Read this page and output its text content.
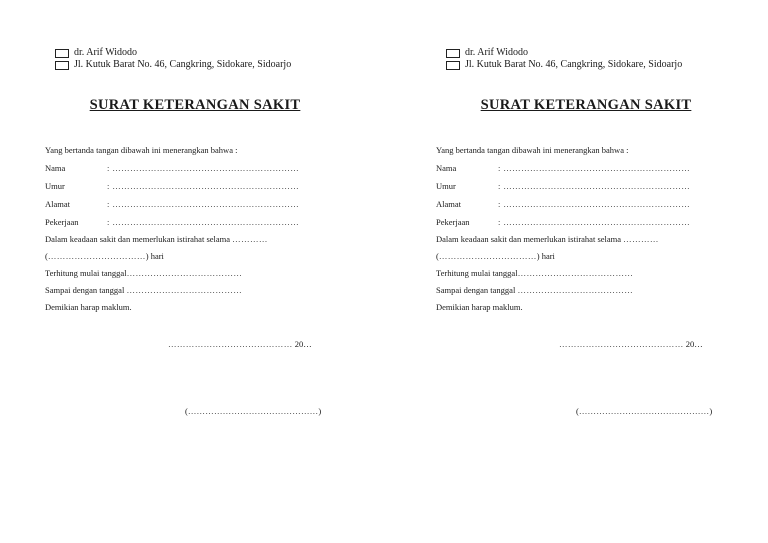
dr. Arif Widodo
Jl. Kutuk Barat No. 46, Cangkring, Sidokare, Sidoarjo
SURAT KETERANGAN SAKIT
Yang bertanda tangan dibawah ini menerangkan bahwa :
Nama	: ………………………………………………………
Umur	: ………………………………………………………
Alamat	: ………………………………………………………
Pekerjaan	: ………………………………………………………
Dalam keadaan sakit dan memerlukan istirahat selama …………
(……………………………) hari
Terhitung mulai tanggal…………………………………
Sampai dengan tanggal …………………………………
Demikian harap maklum.
…………………………………… 20…
(………………………………………)
dr. Arif Widodo
Jl. Kutuk Barat No. 46, Cangkring, Sidokare, Sidoarjo
SURAT KETERANGAN SAKIT
Yang bertanda tangan dibawah ini menerangkan bahwa :
Nama	: ………………………………………………………
Umur	: ………………………………………………………
Alamat	: ………………………………………………………
Pekerjaan	: ………………………………………………………
Dalam keadaan sakit dan memerlukan istirahat selama …………
(……………………………) hari
Terhitung mulai tanggal…………………………………
Sampai dengan tanggal …………………………………
Demikian harap maklum.
…………………………………… 20…
(………………………………………)
